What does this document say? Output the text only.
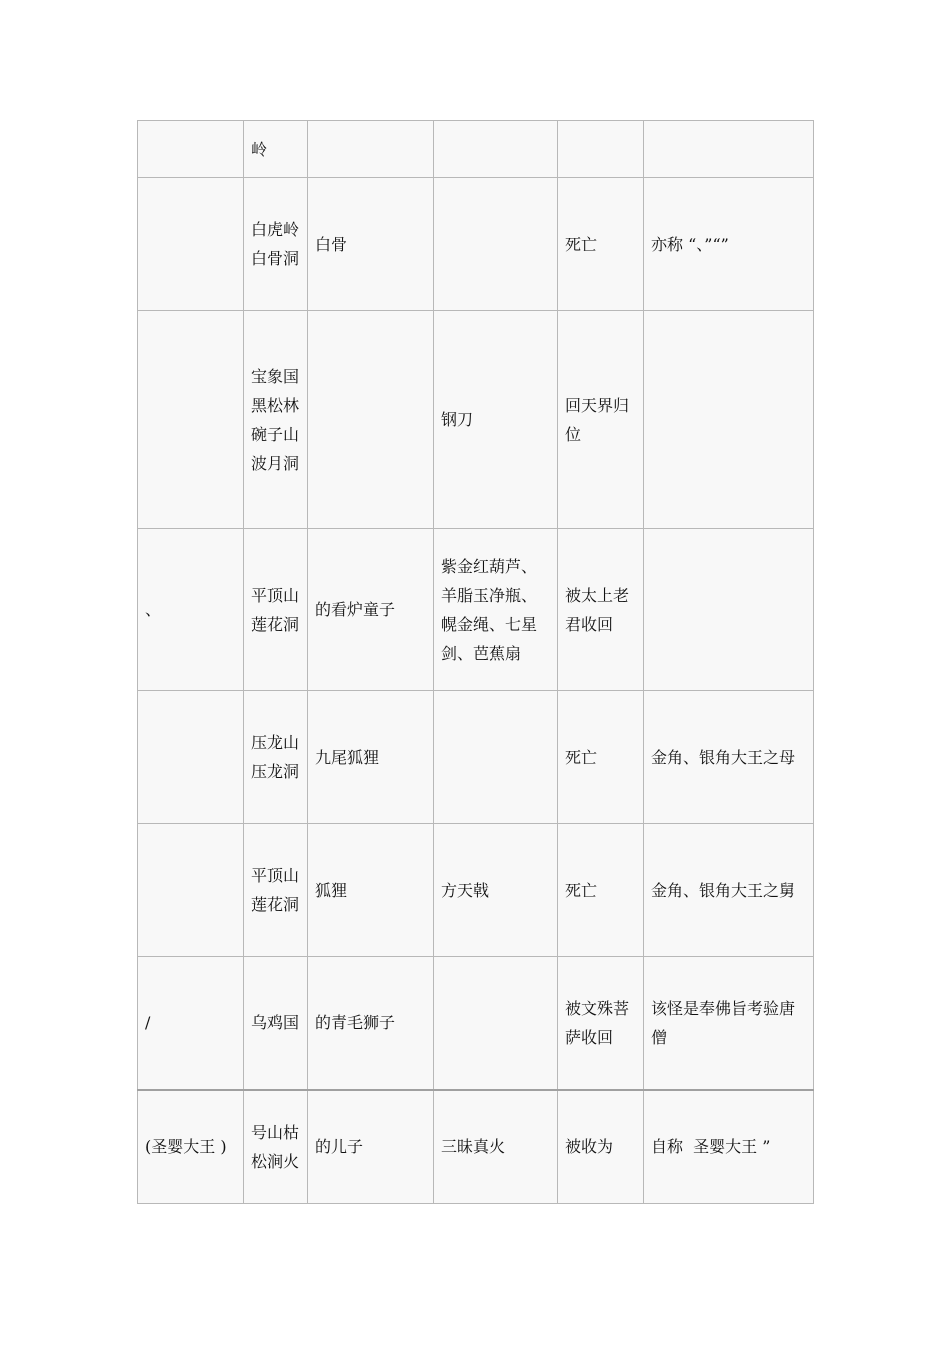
	岭				
	白虎岭白骨洞	白骨		死亡	亦称 “、”“”
	宝象国黑松林碗子山波月洞		钢刀	回天界归位	
、	平顶山莲花洞	的看炉童子	紫金红葫芦、羊脂玉净瓶、幌金绳、七星剑、芭蕉扇	被太上老君收回	
	压龙山压龙洞	九尾狐狸		死亡	金角、银角大王之母
	平顶山莲花洞	狐狸	方天戟	死亡	金角、银角大王之舅
/	乌鸡国	的青毛狮子		被文殊菩萨收回	该怪是奉佛旨考验唐僧
(圣婴大王 )	号山枯松涧火	的儿子	三昧真火	被收为	自称  圣婴大王 ”
